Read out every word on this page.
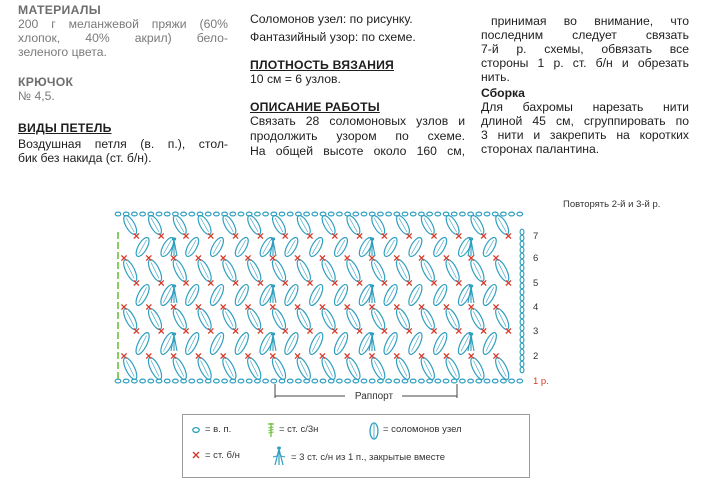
МАТЕРИАЛЫ
200 г меланжевой пряжи (60%
хлопок, 40% акрил) бело-
зеленого цвета.
КРЮЧОК
№ 4,5.
ВИДЫ ПЕТЕЛЬ
Воздушная петля (в. п.), стол-
бик без накида (ст. б/н).
Соломонов узел: по рисунку.
Фантазийный узор: по схеме.
ПЛОТНОСТЬ ВЯЗАНИЯ
10 см = 6 узлов.
ОПИСАНИЕ РАБОТЫ
Связать 28 соломоновых узлов и
продолжить узором по схеме.
На общей высоте около 160 см,
принимая во внимание, что
последним следует связать
7-й р. схемы, обвязать все
стороны 1 р. ст. б/н и обрезать
нить.
Сборка
Для бахромы нарезать нити
длиной 45 см, сгруппировать по
3 нити и закрепить на коротких
сторонах палантина.
Повторять 2-й и 3-й р.
7
6
5
4
3
2
1 р.
Раппорт
= в. п.	= ст. с/3н	= соломонов узел
= ст. б/н	= 3 ст. с/н из 1 п., закрытые вместе
